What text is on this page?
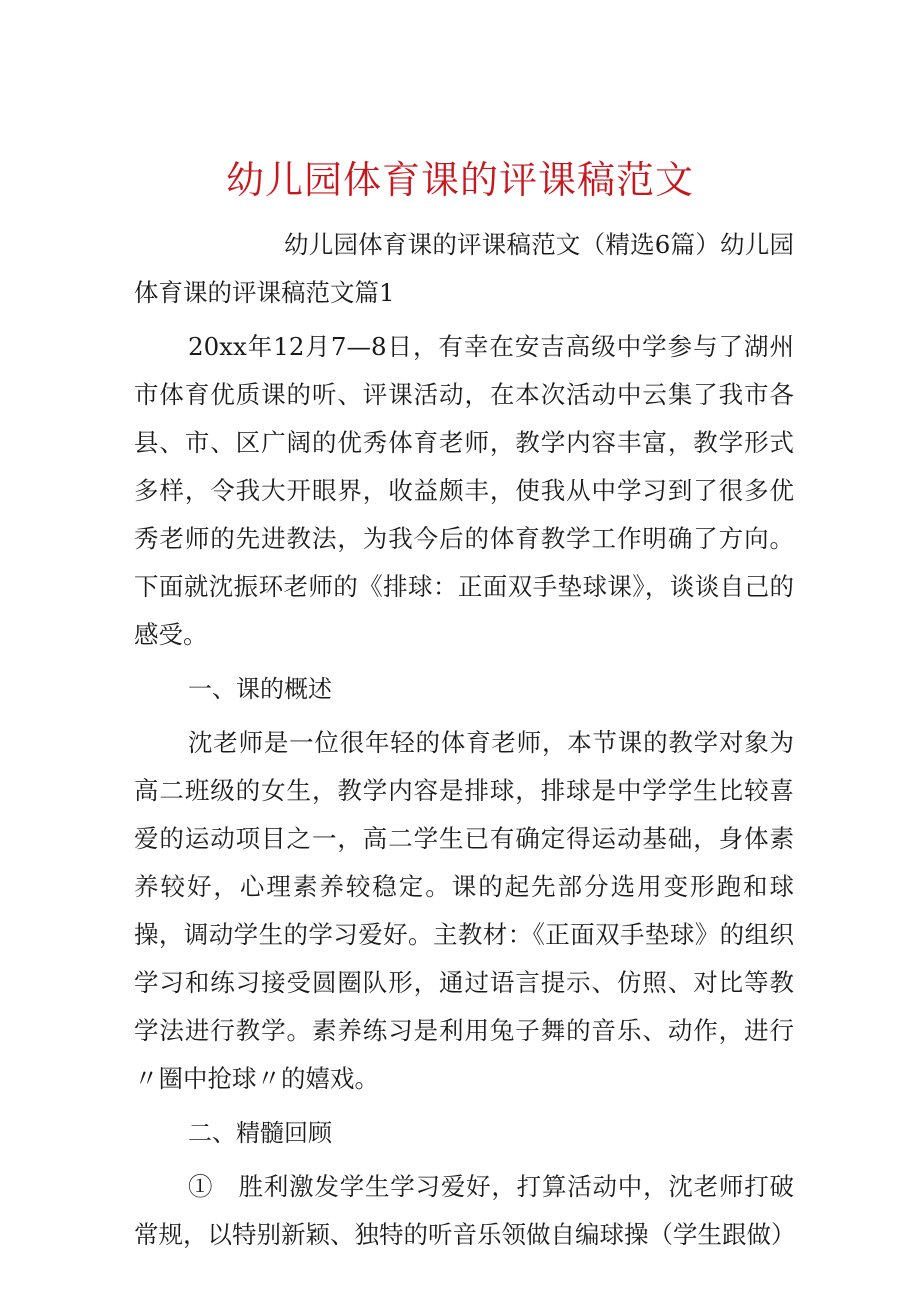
幼儿园体育课的评课稿范文

幼儿园体育课的评课稿范文（精选6篇）幼儿园体育课的评课稿范文篇1

20xx年12月7—8日，有幸在安吉高级中学参与了湖州市体育优质课的听、评课活动，在本次活动中云集了我市各县、市、区广阔的优秀体育老师，教学内容丰富，教学形式多样，令我大开眼界，收益颇丰，使我从中学习到了很多优秀老师的先进教法，为我今后的体育教学工作明确了方向。下面就沈振环老师的《排球：正面双手垫球课》，谈谈自己的感受。

一、课的概述

沈老师是一位很年轻的体育老师，本节课的教学对象为高二班级的女生，教学内容是排球，排球是中学学生比较喜爱的运动项目之一，高二学生已有确定得运动基础，身体素养较好，心理素养较稳定。课的起先部分选用变形跑和球操，调动学生的学习爱好。主教材：《正面双手垫球》的组织学习和练习接受圆圈队形，通过语言提示、仿照、对比等教学法进行教学。素养练习是利用兔子舞的音乐、动作，进行〃圈中抢球〃的嬉戏。

二、精髓回顾

①　胜利激发学生学习爱好，打算活动中，沈老师打破常规，以特别新颖、独特的听音乐领做自编球操（学生跟做）
